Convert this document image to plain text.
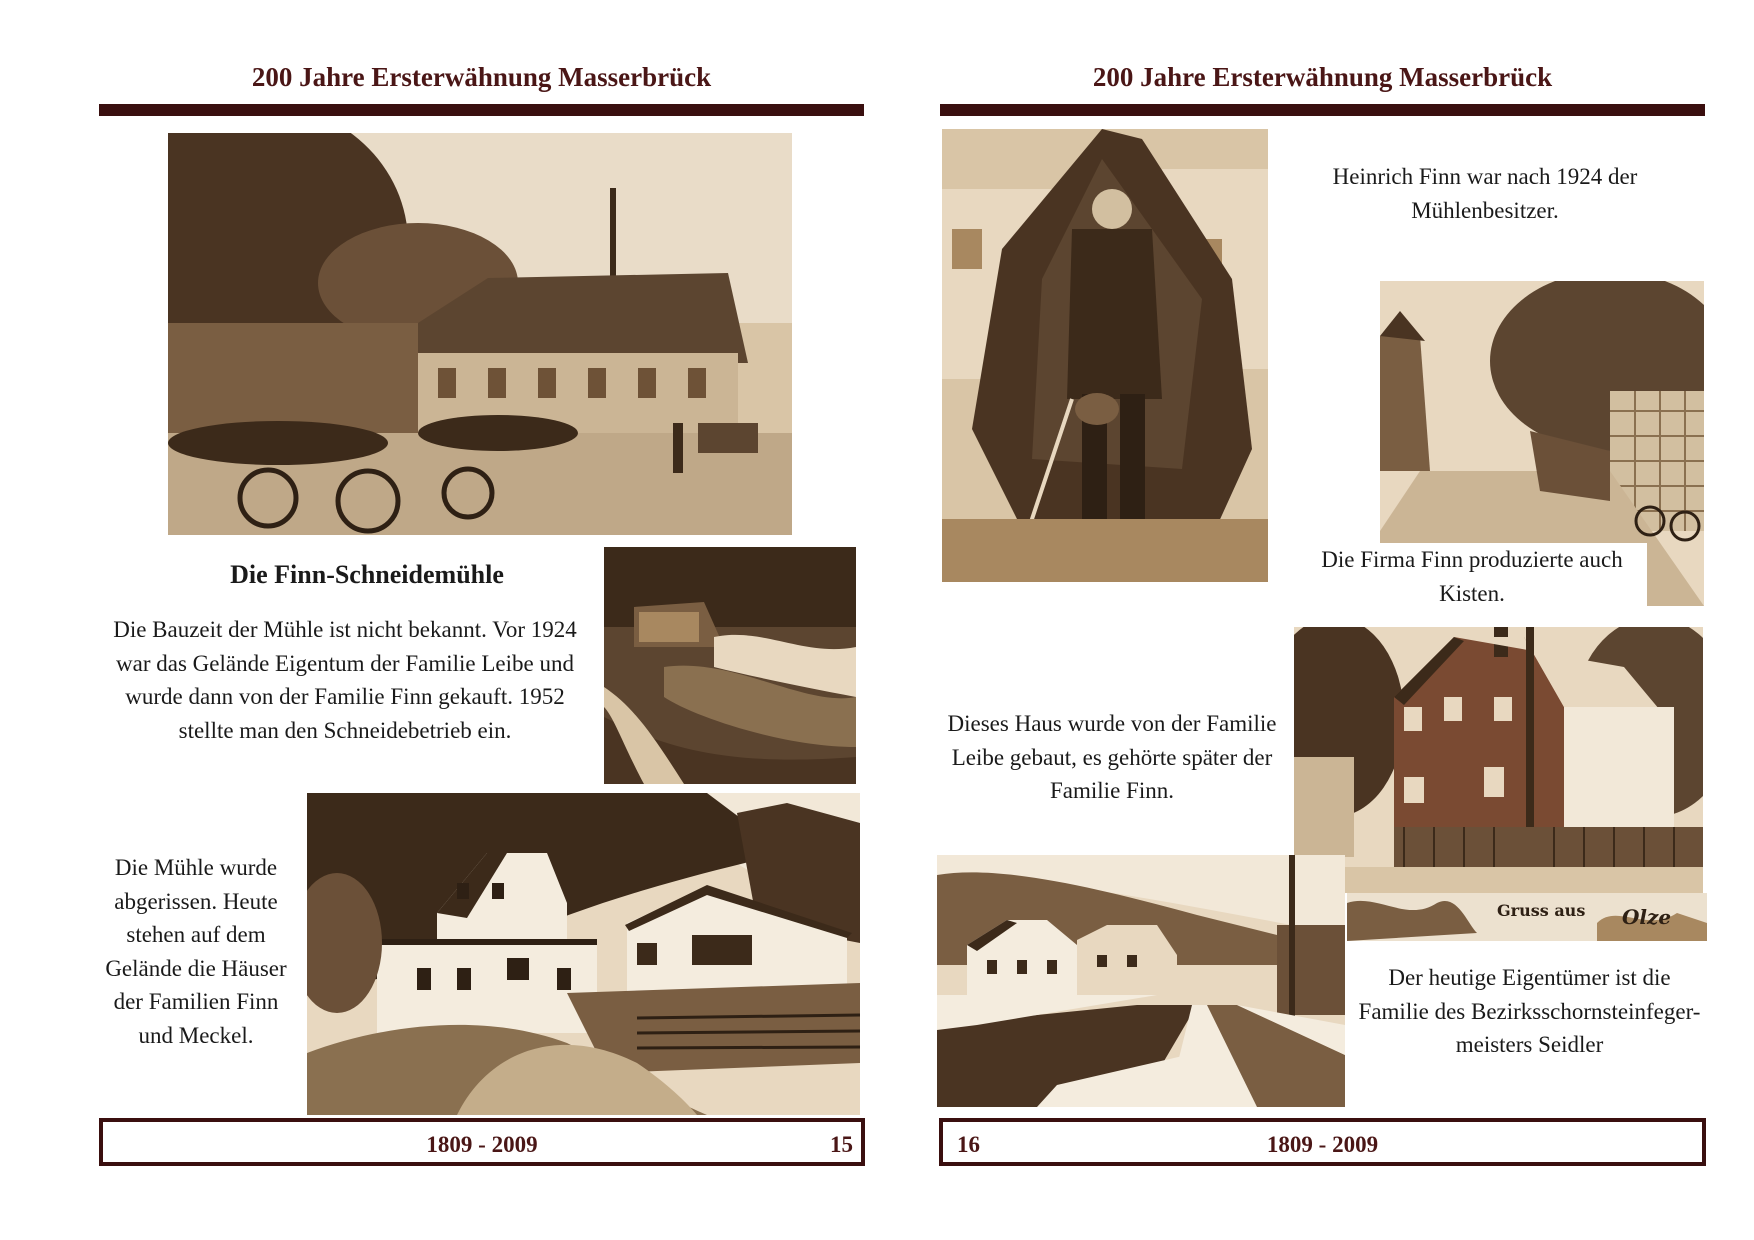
200 Jahre Ersterwähnung Masserbrück
Die Finn-Schneidemühle
Die Bauzeit der Mühle ist nicht bekannt. Vor 1924 war das Gelände Eigentum der Familie Leibe und wurde dann von der Familie Finn gekauft. 1952 stellte man den Schneidebetrieb ein.
Die Mühle wurde abgerissen. Heute stehen auf dem Gelände die Häuser der Familien Finn und Meckel.
1809 - 2009	15
200 Jahre Ersterwähnung Masserbrück
Heinrich Finn war nach 1924 der Mühlenbesitzer.
Die Firma Finn produzierte auch Kisten.
Gruss aus Olze
Dieses Haus wurde von der Familie Leibe gebaut, es gehörte später der Familie Finn.
Der heutige Eigentümer ist die Familie des Bezirksschornsteinfeger-meisters Seidler
1809 - 2009
16
